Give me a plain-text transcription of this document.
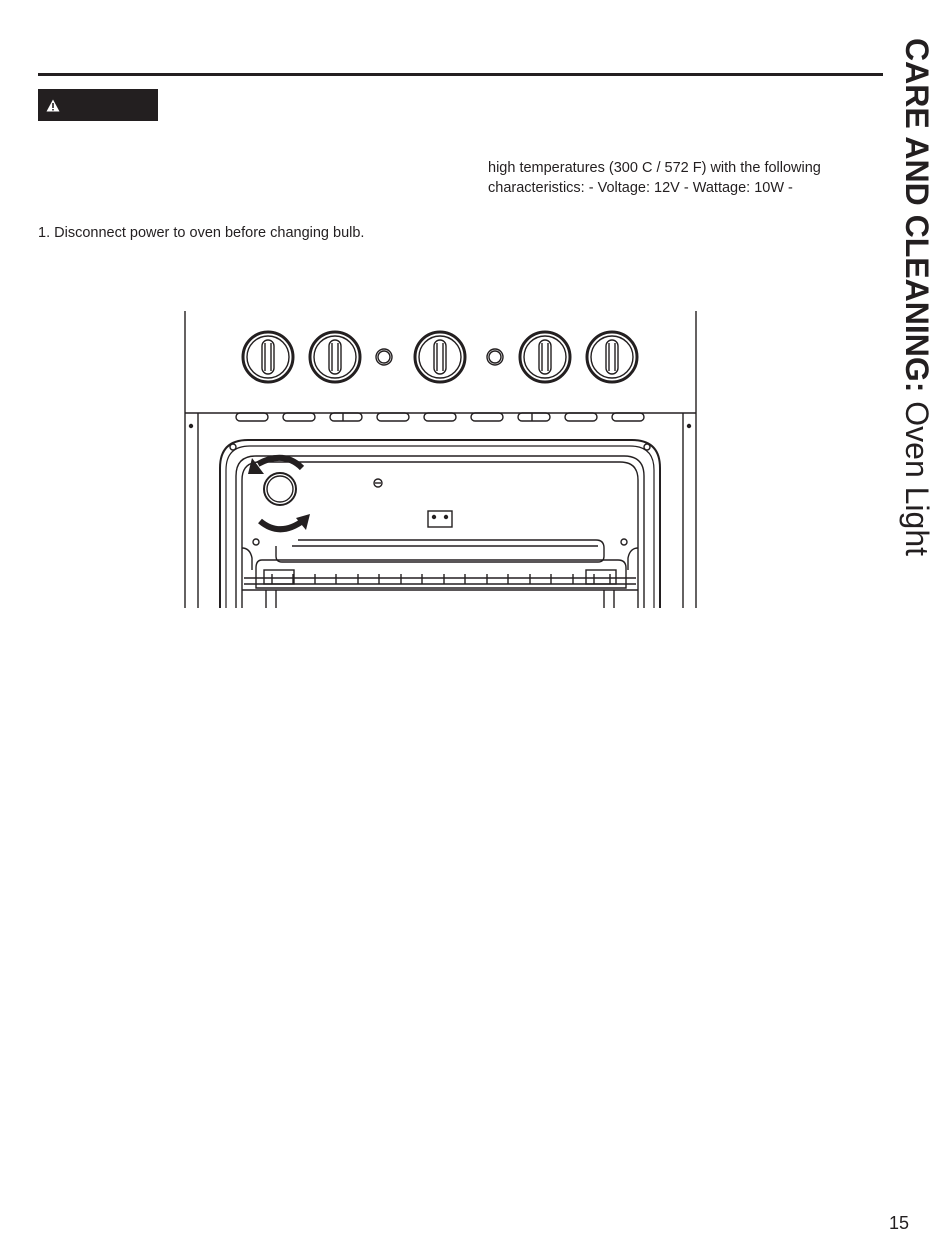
high temperatures (300 C / 572 F) with the following characteristics: - Voltage: 12V - Wattage: 10W -
1. Disconnect power to oven before changing bulb.	CARE AND CLEANING: Oven Light
15
